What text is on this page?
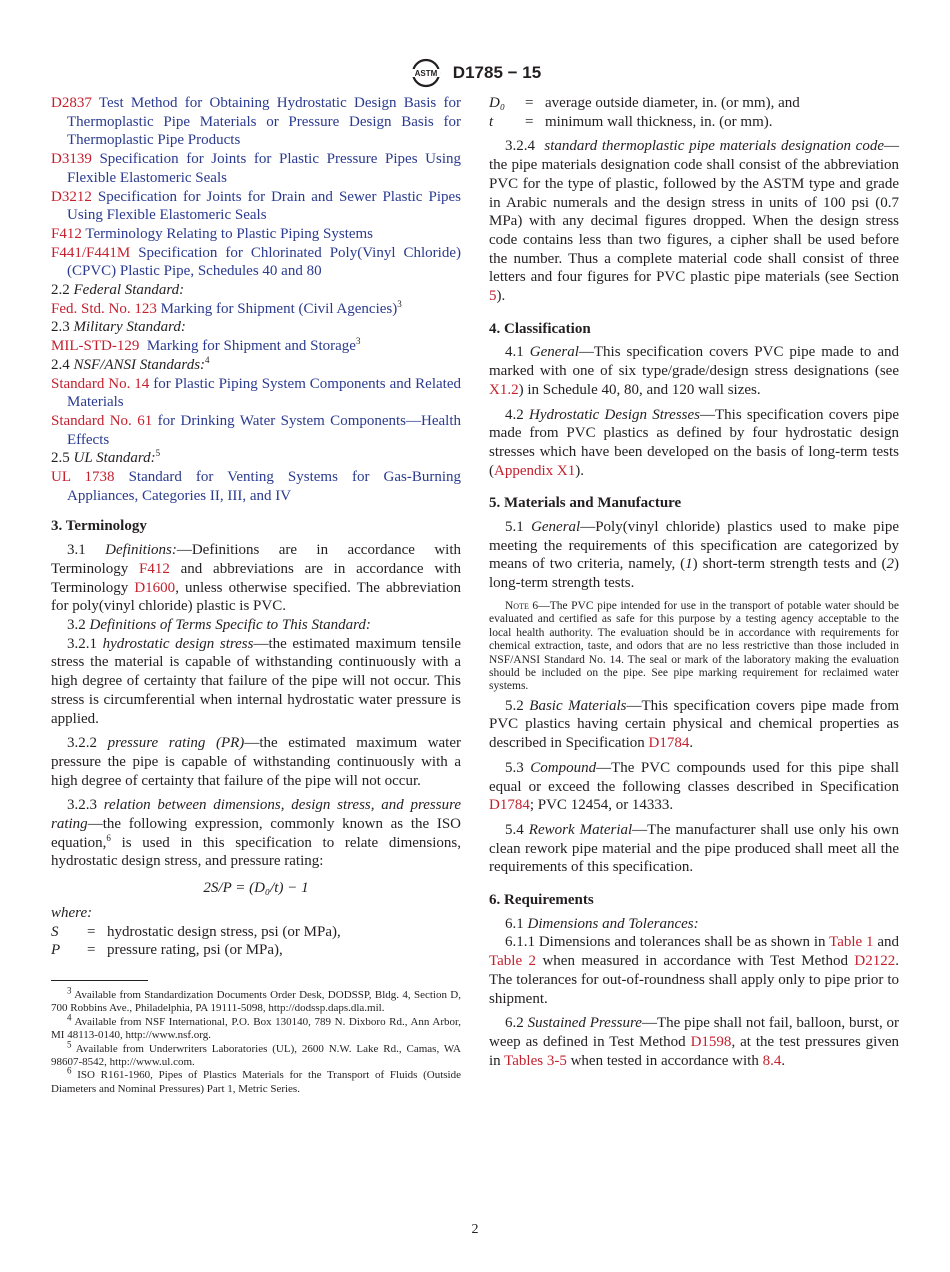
ASTM D1785 − 15

D2837 Test Method for Obtaining Hydrostatic Design Basis for Thermoplastic Pipe Materials or Pressure Design Basis for Thermoplastic Pipe Products

D3139 Specification for Joints for Plastic Pressure Pipes Using Flexible Elastomeric Seals

D3212 Specification for Joints for Drain and Sewer Plastic Pipes Using Flexible Elastomeric Seals

F412 Terminology Relating to Plastic Piping Systems

F441/F441M Specification for Chlorinated Poly(Vinyl Chloride) (CPVC) Plastic Pipe, Schedules 40 and 80

2.2 Federal Standard:

Fed. Std. No. 123 Marking for Shipment (Civil Agencies)$^3$

2.3 Military Standard:

MIL-STD-129 Marking for Shipment and Storage$^3$

2.4 NSF/ANSI Standards:$^4$

Standard No. 14 for Plastic Piping System Components and Related Materials

Standard No. 61 for Drinking Water System Components—Health Effects

2.5 UL Standard:$^5$

UL 1738 Standard for Venting Systems for Gas-Burning Appliances, Categories II, III, and IV

3. Terminology

3.1 Definitions:—Definitions are in accordance with Terminology F412 and abbreviations are in accordance with Terminology D1600, unless otherwise specified. The abbreviation for poly(vinyl chloride) plastic is PVC.

3.2 Definitions of Terms Specific to This Standard:

3.2.1 hydrostatic design stress—the estimated maximum tensile stress the material is capable of withstanding continuously with a high degree of certainty that failure of the pipe will not occur. This stress is circumferential when internal hydrostatic water pressure is applied.

3.2.2 pressure rating (PR)—the estimated maximum water pressure the pipe is capable of withstanding continuously with a high degree of certainty that failure of the pipe will not occur.

3.2.3 relation between dimensions, design stress, and pressure rating—the following expression, commonly known as the ISO equation,$^6$ is used in this specification to relate dimensions, hydrostatic design stress, and pressure rating:

2S/P = (D₀/t) − 1

where:

S	= hydrostatic design stress, psi (or MPa),
P	= pressure rating, psi (or MPa),

$^3$ Available from Standardization Documents Order Desk, DODSSP, Bldg. 4, Section D, 700 Robbins Ave., Philadelphia, PA 19111-5098, http://dodssp.daps.dla.mil.

$^4$ Available from NSF International, P.O. Box 130140, 789 N. Dixboro Rd., Ann Arbor, MI 48113-0140, http://www.nsf.org.

$^5$ Available from Underwriters Laboratories (UL), 2600 N.W. Lake Rd., Camas, WA 98607-8542, http://www.ul.com.

$^6$ ISO R161-1960, Pipes of Plastics Materials for the Transport of Fluids (Outside Diameters and Nominal Pressures) Part 1, Metric Series.

D₀	= average outside diameter, in. (or mm), and
t	= minimum wall thickness, in. (or mm).

3.2.4 standard thermoplastic pipe materials designation code—the pipe materials designation code shall consist of the abbreviation PVC for the type of plastic, followed by the ASTM type and grade in Arabic numerals and the design stress in units of 100 psi (0.7 MPa) with any decimal figures dropped. When the design stress code contains less than two figures, a cipher shall be used before the number. Thus a complete material code shall consist of three letters and four figures for PVC plastic pipe materials (see Section 5).

4. Classification

4.1 General—This specification covers PVC pipe made to and marked with one of six type/grade/design stress designations (see X1.2) in Schedule 40, 80, and 120 wall sizes.

4.2 Hydrostatic Design Stresses—This specification covers pipe made from PVC plastics as defined by four hydrostatic design stresses which have been developed on the basis of long-term tests (Appendix X1).

5. Materials and Manufacture

5.1 General—Poly(vinyl chloride) plastics used to make pipe meeting the requirements of this specification are categorized by means of two criteria, namely, (1) short-term strength tests and (2) long-term strength tests.

Note 6—The PVC pipe intended for use in the transport of potable water should be evaluated and certified as safe for this purpose by a testing agency acceptable to the local health authority. The evaluation should be in accordance with requirements for chemical extraction, taste, and odors that are no less restrictive than those included in NSF/ANSI Standard No. 14. The seal or mark of the laboratory making the evaluation should be included on the pipe. See pipe marking requirement for reclaimed water systems.

5.2 Basic Materials—This specification covers pipe made from PVC plastics having certain physical and chemical properties as described in Specification D1784.

5.3 Compound—The PVC compounds used for this pipe shall equal or exceed the following classes described in Specification D1784; PVC 12454, or 14333.

5.4 Rework Material—The manufacturer shall use only his own clean rework pipe material and the pipe produced shall meet all the requirements of this specification.

6. Requirements

6.1 Dimensions and Tolerances:

6.1.1 Dimensions and tolerances shall be as shown in Table 1 and Table 2 when measured in accordance with Test Method D2122. The tolerances for out-of-roundness shall apply only to pipe prior to shipment.

6.2 Sustained Pressure—The pipe shall not fail, balloon, burst, or weep as defined in Test Method D1598, at the test pressures given in Tables 3-5 when tested in accordance with 8.4.

2
